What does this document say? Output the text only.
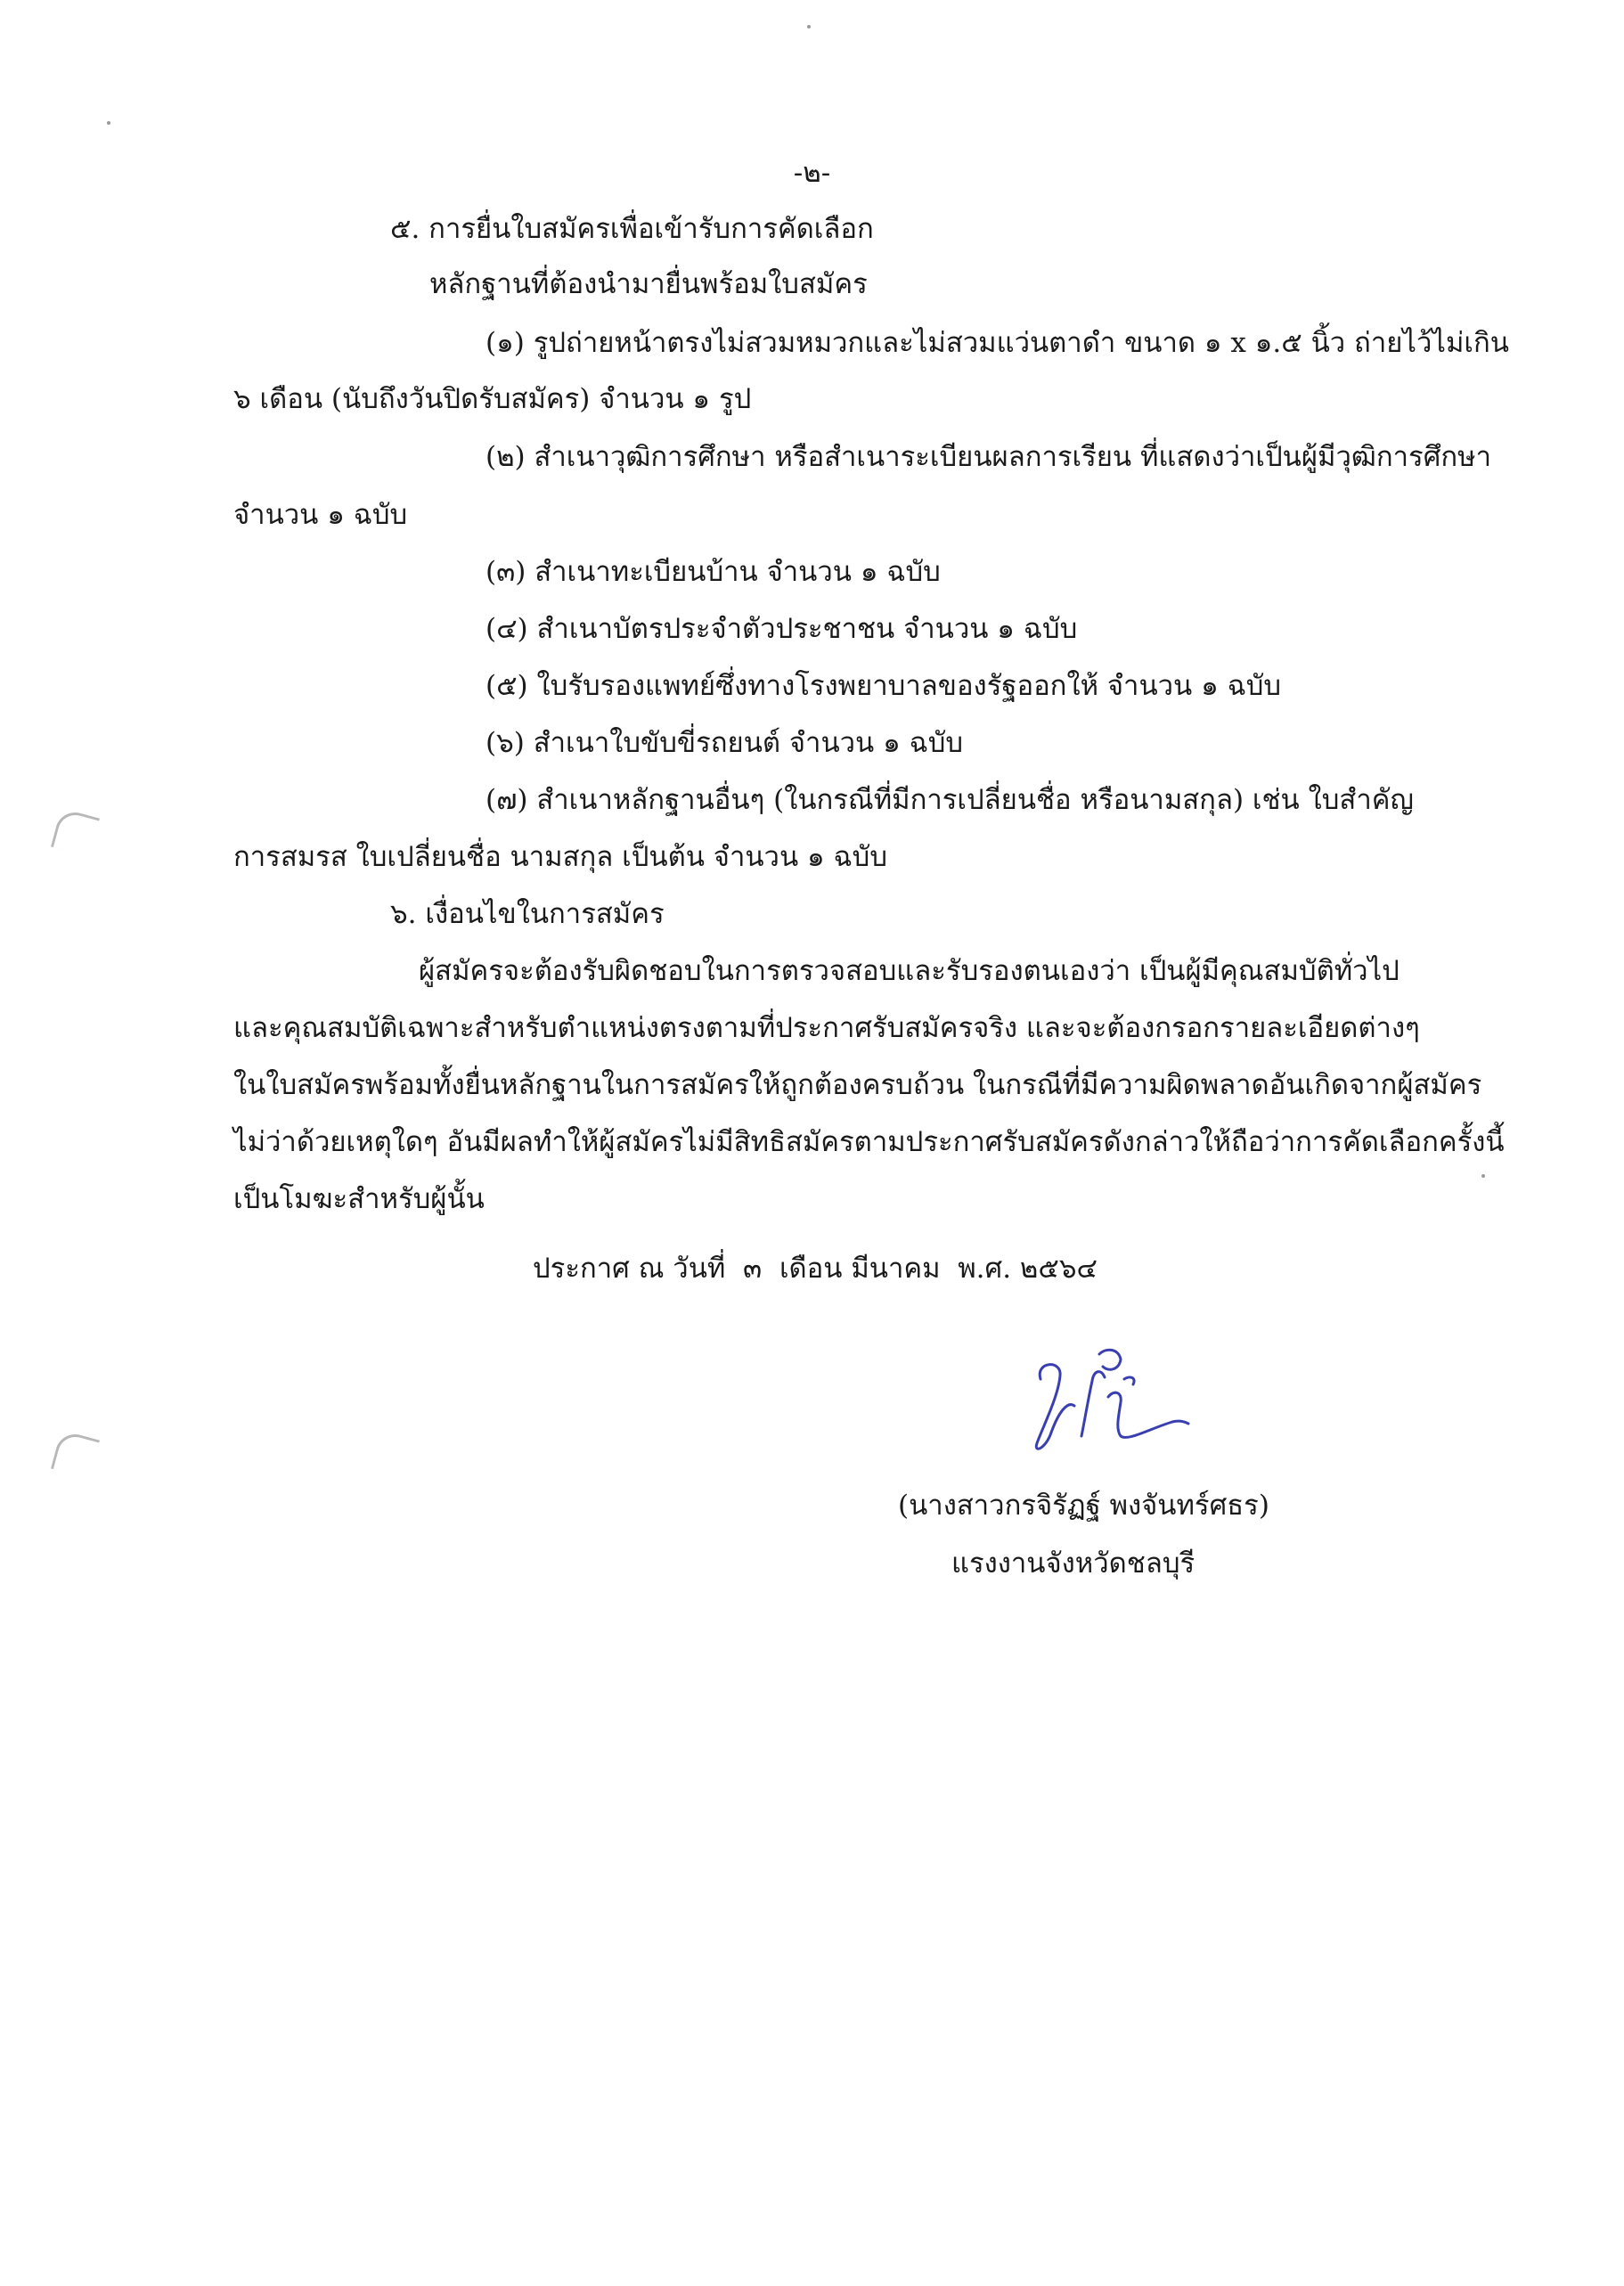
-๒-
๕. การยื่นใบสมัครเพื่อเข้ารับการคัดเลือก
หลักฐานที่ต้องนำมายื่นพร้อมใบสมัคร
(๑) รูปถ่ายหน้าตรงไม่สวมหมวกและไม่สวมแว่นตาดำ ขนาด ๑ x ๑.๕ นิ้ว ถ่ายไว้ไม่เกิน
๖ เดือน (นับถึงวันปิดรับสมัคร) จำนวน ๑ รูป
(๒) สำเนาวุฒิการศึกษา หรือสำเนาระเบียนผลการเรียน ที่แสดงว่าเป็นผู้มีวุฒิการศึกษา
จำนวน ๑ ฉบับ
(๓) สำเนาทะเบียนบ้าน จำนวน ๑ ฉบับ
(๔) สำเนาบัตรประจำตัวประชาชน จำนวน ๑ ฉบับ
(๕) ใบรับรองแพทย์ซึ่งทางโรงพยาบาลของรัฐออกให้ จำนวน ๑ ฉบับ
(๖) สำเนาใบขับขี่รถยนต์ จำนวน ๑ ฉบับ
(๗) สำเนาหลักฐานอื่นๆ (ในกรณีที่มีการเปลี่ยนชื่อ หรือนามสกุล) เช่น ใบสำคัญ
การสมรส ใบเปลี่ยนชื่อ นามสกุล เป็นต้น จำนวน ๑ ฉบับ
๖. เงื่อนไขในการสมัคร
ผู้สมัครจะต้องรับผิดชอบในการตรวจสอบและรับรองตนเองว่า เป็นผู้มีคุณสมบัติทั่วไป
และคุณสมบัติเฉพาะสำหรับตำแหน่งตรงตามที่ประกาศรับสมัครจริง และจะต้องกรอกรายละเอียดต่างๆ
ในใบสมัครพร้อมทั้งยื่นหลักฐานในการสมัครให้ถูกต้องครบถ้วน ในกรณีที่มีความผิดพลาดอันเกิดจากผู้สมัคร
ไม่ว่าด้วยเหตุใดๆ อันมีผลทำให้ผู้สมัครไม่มีสิทธิสมัครตามประกาศรับสมัครดังกล่าวให้ถือว่าการคัดเลือกครั้งนี้
เป็นโมฆะสำหรับผู้นั้น
ประกาศ ณ วันที่  ๓  เดือน มีนาคม  พ.ศ. ๒๕๖๔
(นางสาวกรจิรัฏฐ์ พงจันทร์ศธร)
แรงงานจังหวัดชลบุรี
